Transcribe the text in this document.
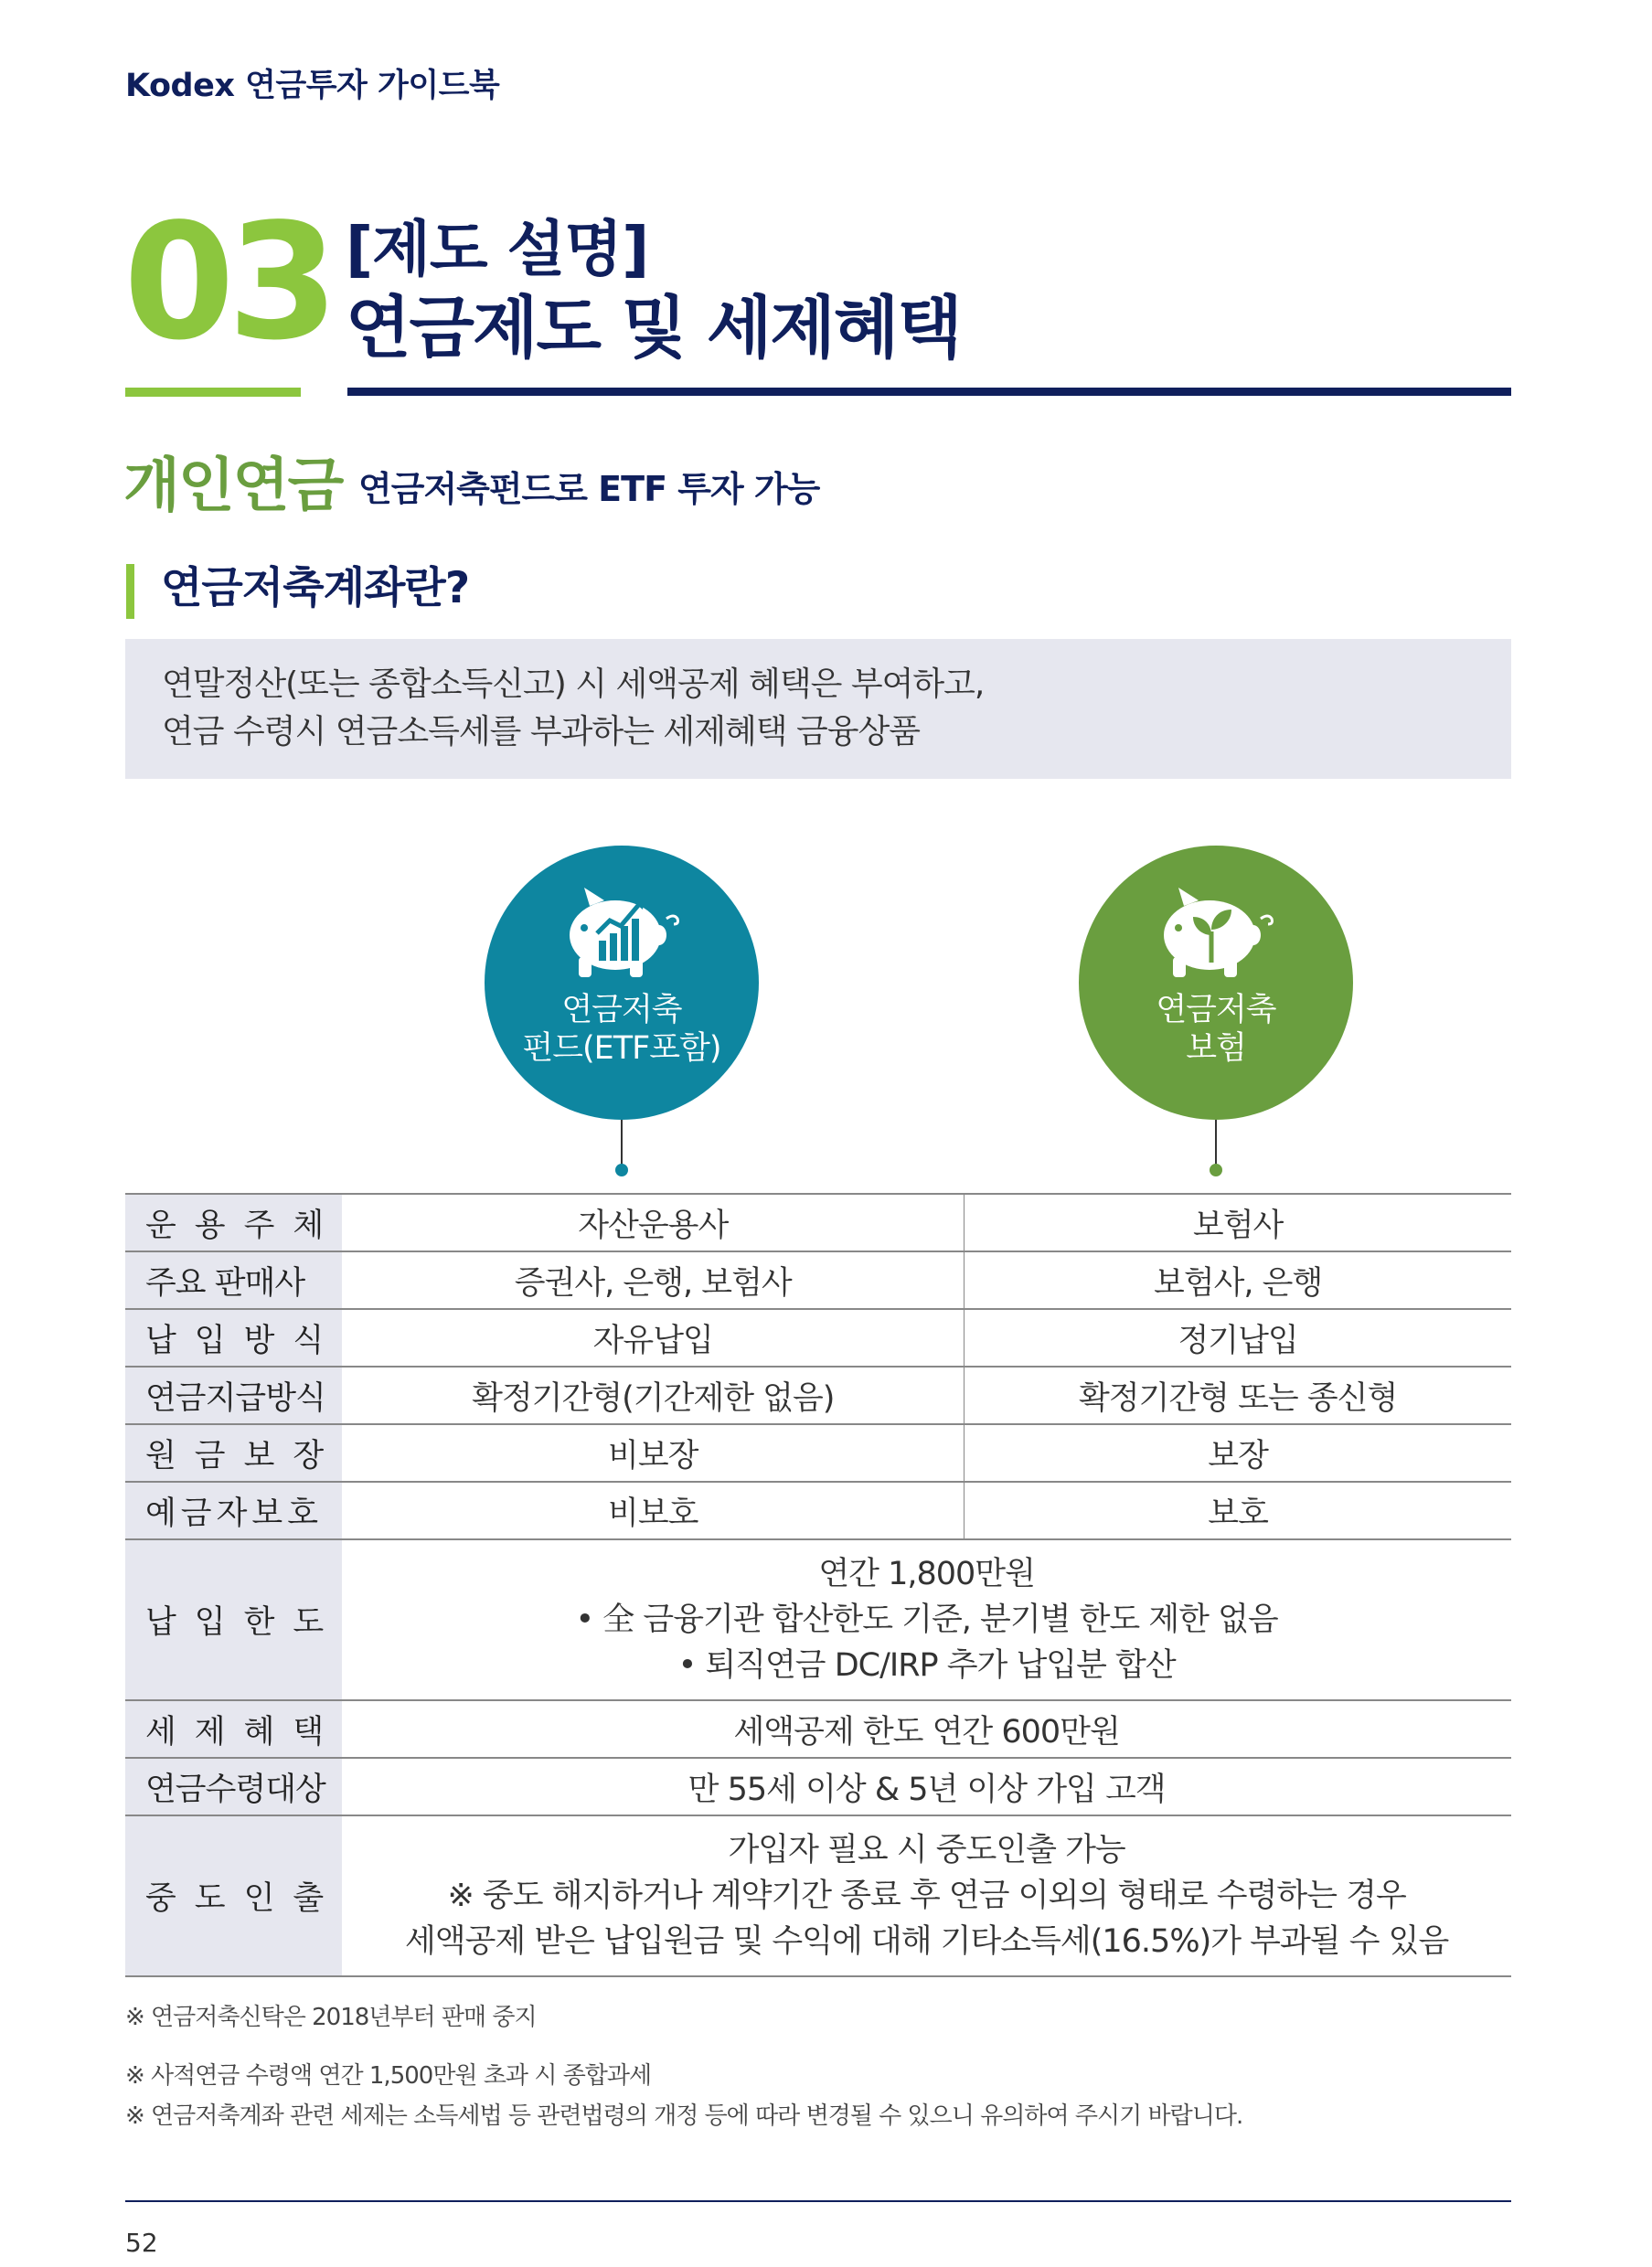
Kodex 연금투자 가이드북
03 [제도 설명]
연금제도 및 세제혜택
개인연금 연금저축펀드로 ETF 투자 가능
연금저축계좌란?
연말정산(또는 종합소득신고) 시 세액공제 혜택은 부여하고,
연금 수령시 연금소득세를 부과하는 세제혜택 금융상품
연금저축
펀드(ETF포함)
연금저축
보험
운용주체	자산운용사	보험사
주요 판매사	증권사, 은행, 보험사	보험사, 은행
납입방식	자유납입	정기납입
연금지급방식	확정기간형(기간제한 없음)	확정기간형 또는 종신형
원금보장	비보장	보장
예금자보호	비보호	보호
납입한도	연간 1,800만원
• 全 금융기관 합산한도 기준, 분기별 한도 제한 없음
• 퇴직연금 DC/IRP 추가 납입분 합산	

세제혜택	세액공제 한도 연간 600만원	
연금수령대상	만 55세 이상 & 5년 이상 가입 고객	
중도인출	가입자 필요 시 중도인출 가능
※ 중도 해지하거나 계약기간 종료 후 연금 이외의 형태로 수령하는 경우
세액공제 받은 납입원금 및 수익에 대해 기타소득세(16.5%)가 부과될 수 있음	
※ 연금저축신탁은 2018년부터 판매 중지
※ 사적연금 수령액 연간 1,500만원 초과 시 종합과세
※ 연금저축계좌 관련 세제는 소득세법 등 관련법령의 개정 등에 따라 변경될 수 있으니 유의하여 주시기 바랍니다.
52
